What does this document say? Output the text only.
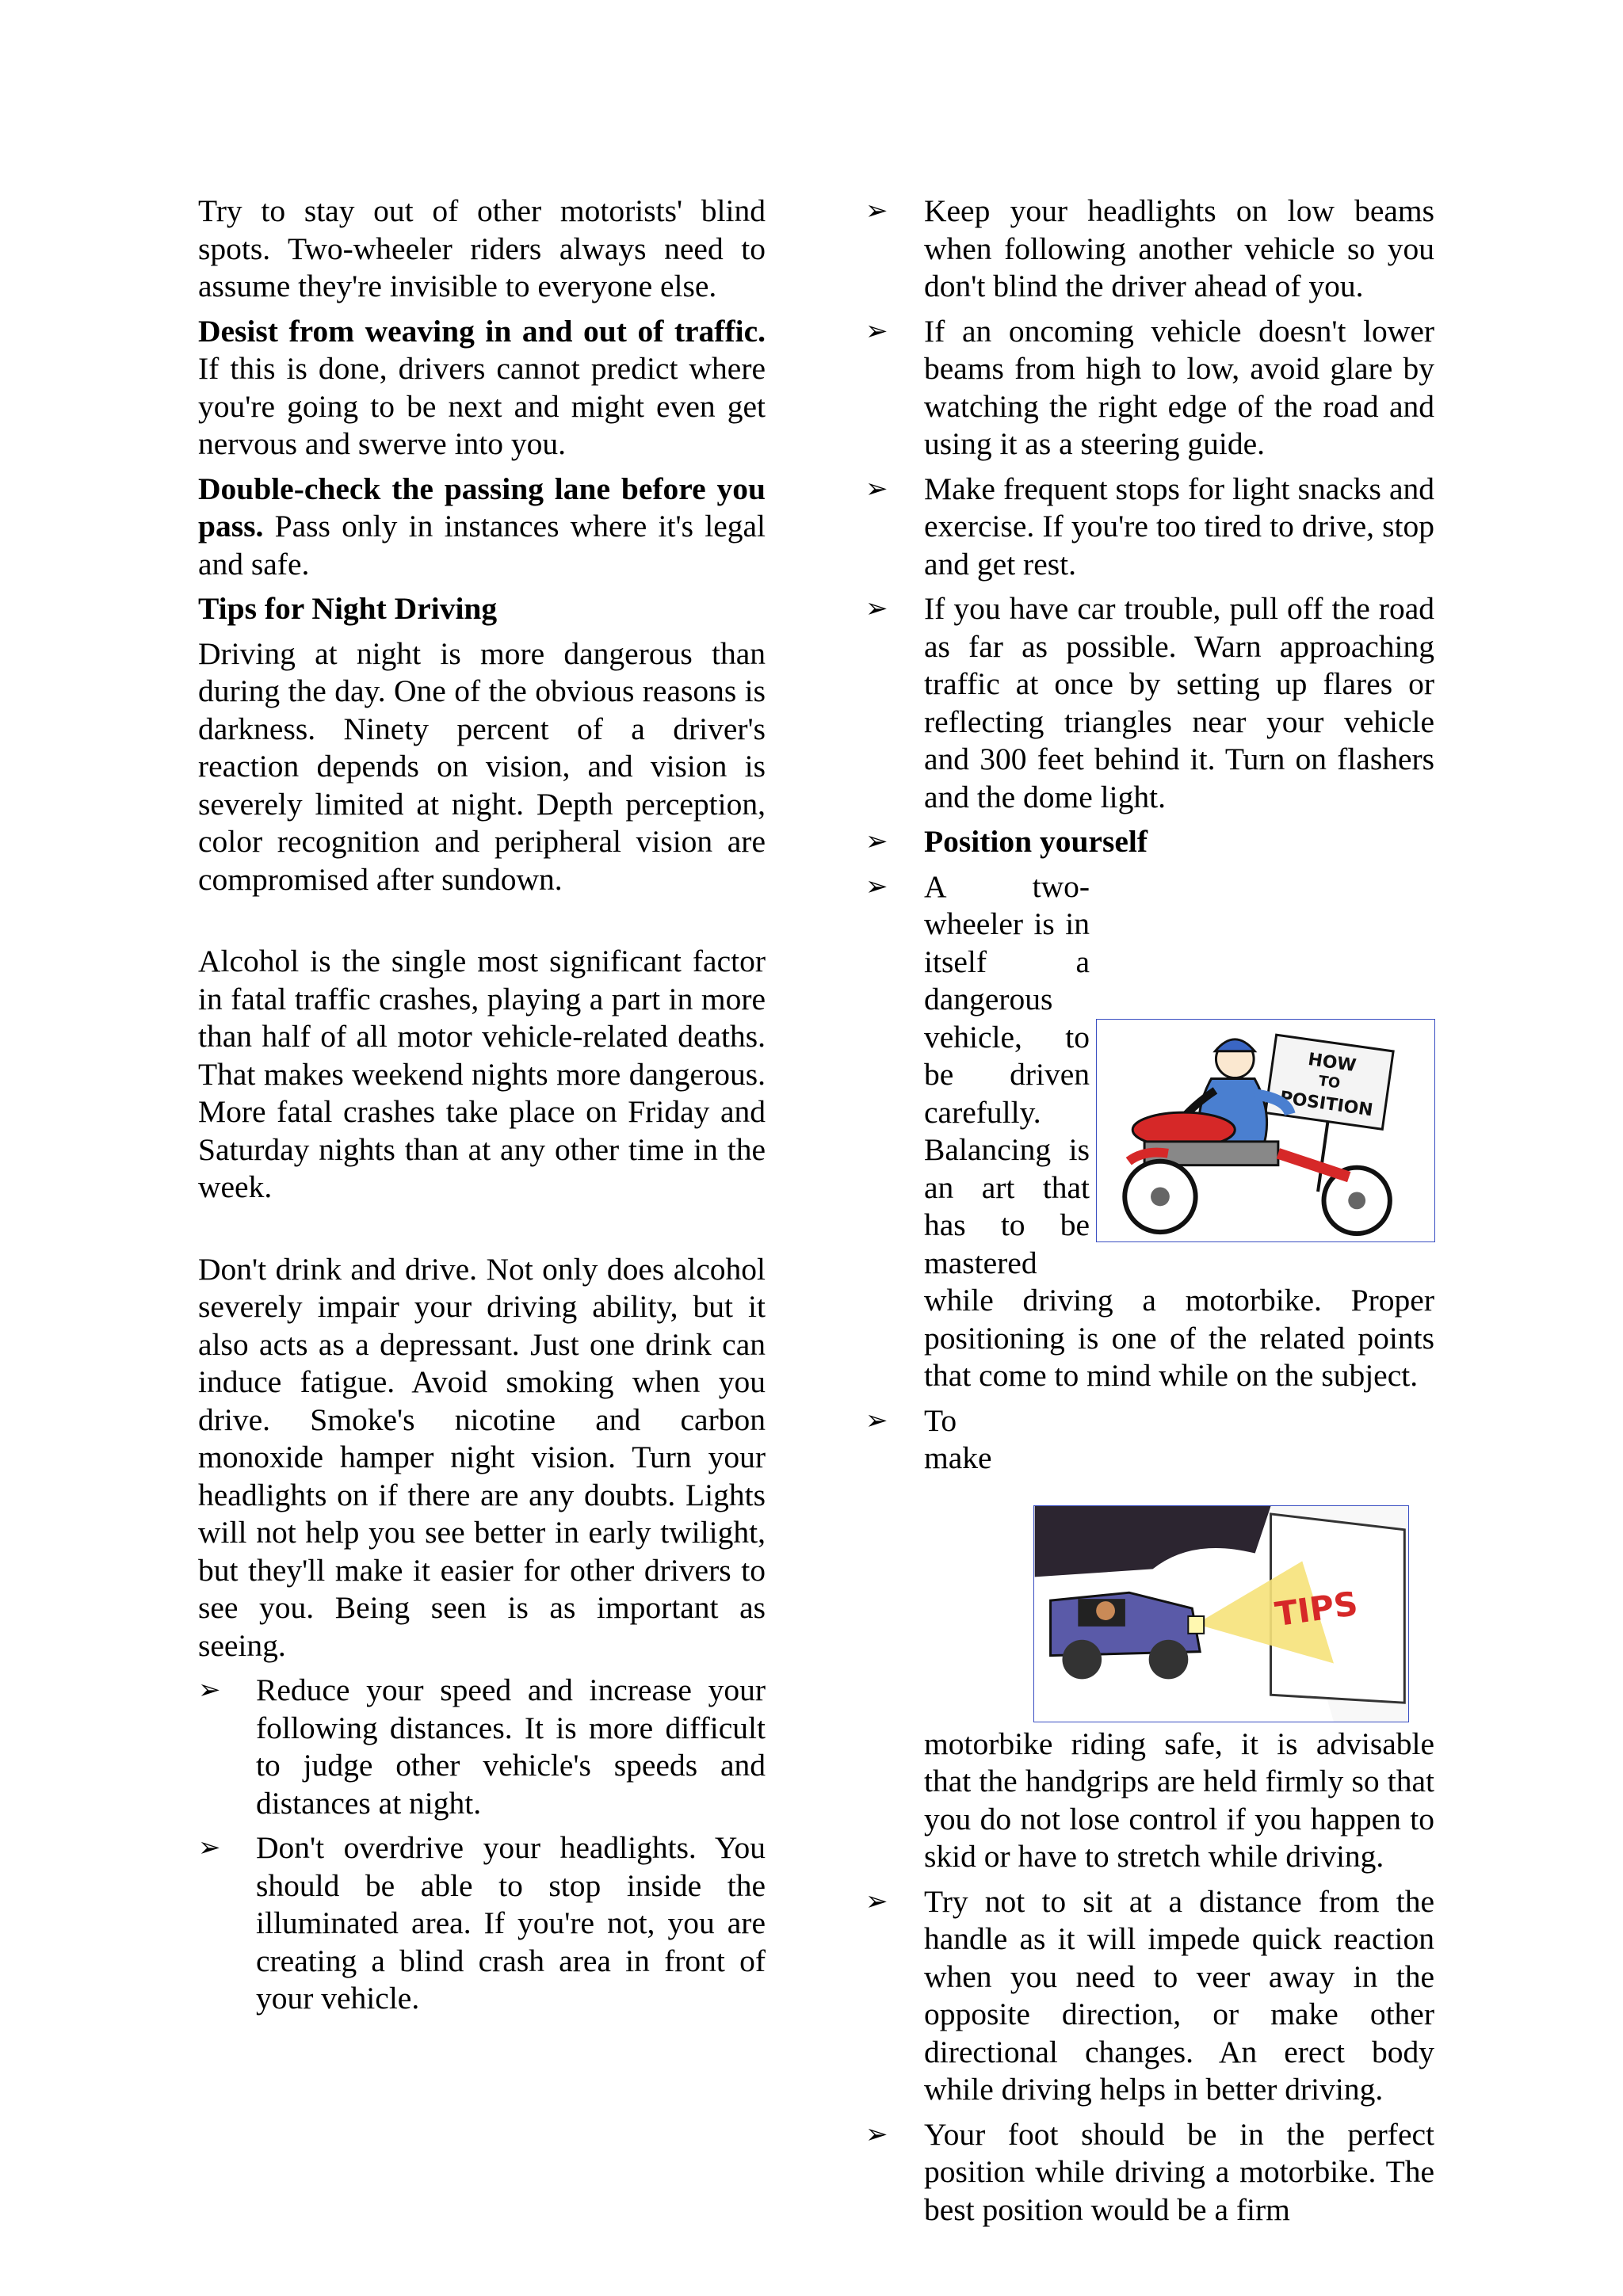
Try to stay out of other motorists' blind spots. Two-wheeler riders always need to assume they're invisible to everyone else.

Desist from weaving in and out of traffic. If this is done, drivers cannot predict where you're going to be next and might even get nervous and swerve into you.

Double-check the passing lane before you pass. Pass only in instances where it's legal and safe.

Tips for Night Driving

Driving at night is more dangerous than during the day. One of the obvious reasons is darkness. Ninety percent of a driver's reaction depends on vision, and vision is severely limited at night. Depth perception, color recognition and peripheral vision are compromised after sundown.

Alcohol is the single most significant factor in fatal traffic crashes, playing a part in more than half of all motor vehicle-related deaths. That makes weekend nights more dangerous. More fatal crashes take place on Friday and Saturday nights than at any other time in the week.

Don't drink and drive. Not only does alcohol severely impair your driving ability, but it also acts as a depressant. Just one drink can induce fatigue. Avoid smoking when you drive. Smoke's nicotine and carbon monoxide hamper night vision. Turn your headlights on if there are any doubts. Lights will not help you see better in early twilight, but they'll make it easier for other drivers to see you. Being seen is as important as seeing.

➢ Reduce your speed and increase your following distances. It is more difficult to judge other vehicle's speeds and distances at night.
➢ Don't overdrive your headlights. You should be able to stop inside the illuminated area. If you're not, you are creating a blind crash area in front of your vehicle.
➢ Keep your headlights on low beams when following another vehicle so you don't blind the driver ahead of you.
➢ If an oncoming vehicle doesn't lower beams from high to low, avoid glare by watching the right edge of the road and using it as a steering guide.
➢ Make frequent stops for light snacks and exercise. If you're too tired to drive, stop and get rest.
➢ If you have car trouble, pull off the road as far as possible. Warn approaching traffic at once by setting up flares or reflecting triangles near your vehicle and 300 feet behind it. Turn on flashers and the dome light.
➢ Position yourself
➢
HOW
TO
POSITION
A two-wheeler is in itself a dangerous vehicle, to be driven carefully. Balancing is an art that has to be mastered while driving a motorbike. Proper positioning is one of the related points that come to mind while on the subject.
➢
TIPS
To make motorbike riding safe, it is advisable that the handgrips are held firmly so that you do not lose control if you happen to skid or have to stretch while driving.
➢ Try not to sit at a distance from the handle as it will impede quick reaction when you need to veer away in the opposite direction, or make other directional changes. An erect body while driving helps in better driving.
➢ Your foot should be in the perfect position while driving a motorbike. The best position would be a firm
